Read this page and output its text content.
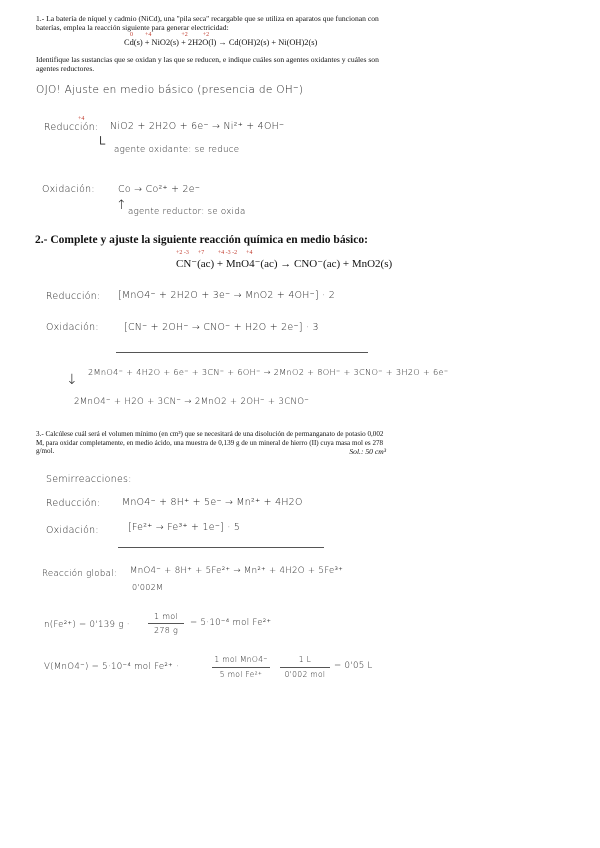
1.- La batería de níquel y cadmio (NiCd), una "pila seca" recargable que se utiliza en aparatos que funcionan con baterías, emplea la reacción siguiente para generar electricidad:
0        +4                    +2          +2
Cd(s) + NiO2(s) + 2H2O(l) → Cd(OH)2(s) + Ni(OH)2(s)
Identifique las sustancias que se oxidan y las que se reducen, e indique cuáles son agentes oxidantes y cuáles son agentes reductores.
OJO! Ajuste en medio básico (presencia de OH⁻)
+4
Reducción: NiO2 + 2H2O + 6e⁻ → Ni²⁺ + 4OH⁻
└ agente oxidante: se reduce
Oxidación: Co → Co²⁺ + 2e⁻
↑ agente reductor: se oxida
2.- Complete y ajuste la siguiente reacción química en medio básico:
+2 -3      +7         +4 -3 -2      +4
CN⁻(ac) + MnO4⁻(ac) → CNO⁻(ac) + MnO2(s)
Reducción: [MnO4⁻ + 2H2O + 3e⁻ → MnO2 + 4OH⁻] · 2
Oxidación:	[CN⁻ + 2OH⁻ → CNO⁻ + H2O + 2e⁻] · 3
2MnO4⁻ + 4H2O + 6e⁻ + 3CN⁻ + 6OH⁻ → 2MnO2 + 8OH⁻ + 3CNO⁻ + 3H2O + 6e⁻
↓
2MnO4⁻ + H2O + 3CN⁻ → 2MnO2 + 2OH⁻ + 3CNO⁻
3.- Calcúlese cuál será el volumen mínimo (en cm³) que se necesitará de una disolución de permanganato de potasio 0,002 M, para oxidar completamente, en medio ácido, una muestra de 0,139 g de un mineral de hierro (II) cuya masa mol es 278 g/mol.	Sol.: 50 cm³
Semirreacciones:
Reducción: MnO4⁻ + 8H⁺ + 5e⁻ → Mn²⁺ + 4H2O
Oxidación:	[Fe²⁺ → Fe³⁺ + 1e⁻] · 5
Reacción global: MnO4⁻ + 8H⁺ + 5Fe²⁺ → Mn²⁺ + 4H2O + 5Fe³⁺
0'002M
n(Fe²⁺) = 0'139 g ·
1 mol
278 g
= 5·10⁻⁴ mol Fe²⁺
V(MnO4⁻) = 5·10⁻⁴ mol Fe²⁺ ·
1 mol MnO4⁻
5 mol Fe²⁺
1 L
0'002 mol
= 0'05 L
